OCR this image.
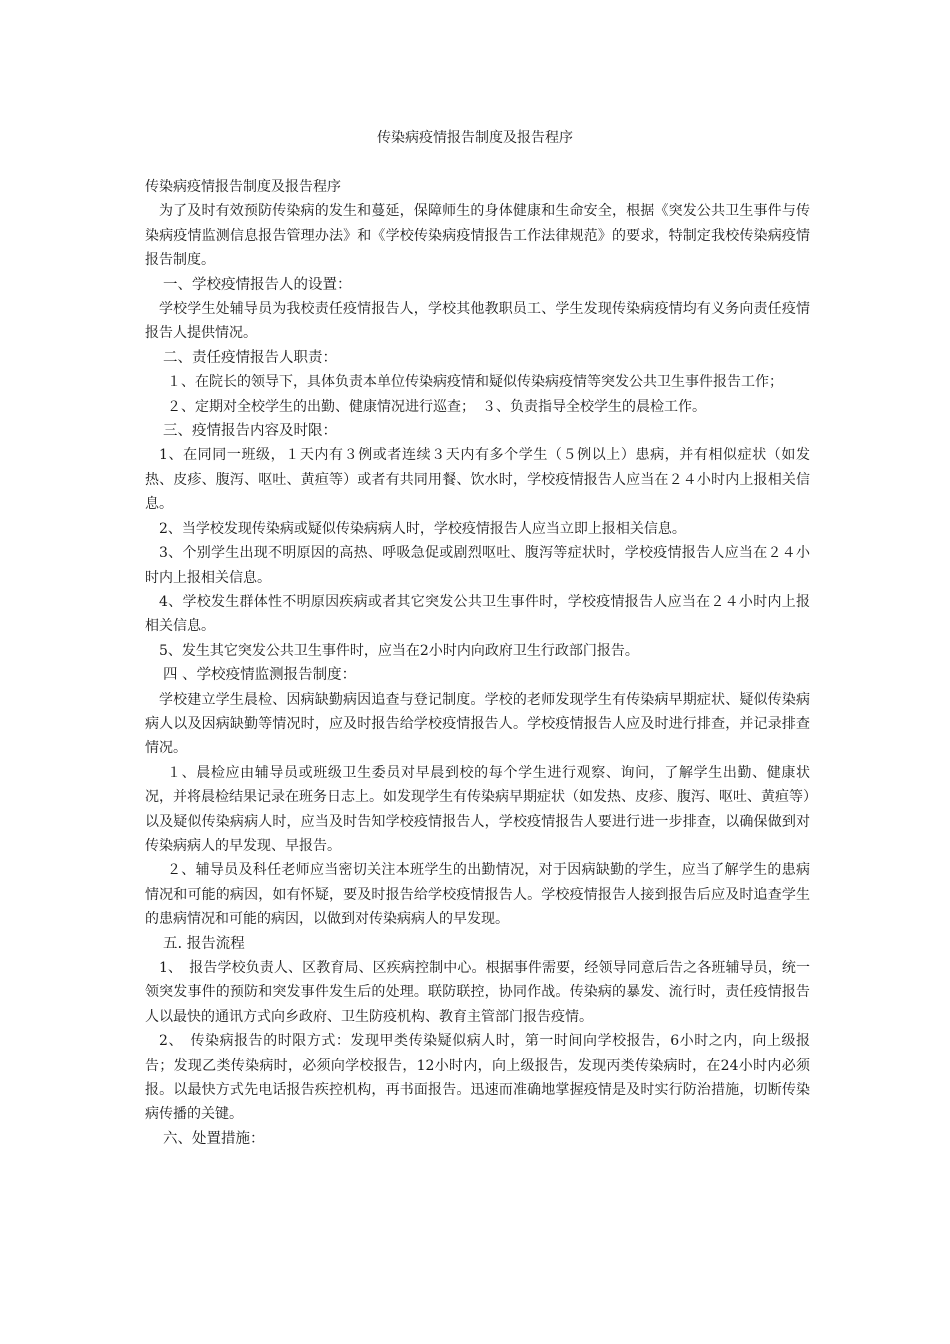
传染病疫情报告制度及报告程序

传染病疫情报告制度及报告程序

为了及时有效预防传染病的发生和蔓延，保障师生的身体健康和生命安全，根据《突发公共卫生事件与传染病疫情监测信息报告管理办法》和《学校传染病疫情报告工作法律规范》的要求，特制定我校传染病疫情报告制度。

一、学校疫情报告人的设置：

学校学生处辅导员为我校责任疫情报告人，学校其他教职员工、学生发现传染病疫情均有义务向责任疫情报告人提供情况。

二、责任疫情报告人职责：

１、在院长的领导下，具体负责本单位传染病疫情和疑似传染病疫情等突发公共卫生事件报告工作；

２、定期对全校学生的出勤、健康情况进行巡查；　３、负责指导全校学生的晨检工作。

三、疫情报告内容及时限：

1、在同同一班级，１天内有３例或者连续３天内有多个学生（５例以上）患病，并有相似症状（如发热、皮疹、腹泻、呕吐、黄疸等）或者有共同用餐、饮水时，学校疫情报告人应当在２４小时内上报相关信息。

2、当学校发现传染病或疑似传染病病人时，学校疫情报告人应当立即上报相关信息。

3、个别学生出现不明原因的高热、呼吸急促或剧烈呕吐、腹泻等症状时，学校疫情报告人应当在２４小时内上报相关信息。

4、学校发生群体性不明原因疾病或者其它突发公共卫生事件时，学校疫情报告人应当在２４小时内上报相关信息。

5、发生其它突发公共卫生事件时，应当在2小时内向政府卫生行政部门报告。

四 、学校疫情监测报告制度：

学校建立学生晨检、因病缺勤病因追查与登记制度。学校的老师发现学生有传染病早期症状、疑似传染病病人以及因病缺勤等情况时，应及时报告给学校疫情报告人。学校疫情报告人应及时进行排查，并记录排查情况。

１、晨检应由辅导员或班级卫生委员对早晨到校的每个学生进行观察、询问，了解学生出勤、健康状况，并将晨检结果记录在班务日志上。如发现学生有传染病早期症状（如发热、皮疹、腹泻、呕吐、黄疸等）以及疑似传染病病人时，应当及时告知学校疫情报告人，学校疫情报告人要进行进一步排查，以确保做到对传染病病人的早发现、早报告。

２、辅导员及科任老师应当密切关注本班学生的出勤情况，对于因病缺勤的学生，应当了解学生的患病情况和可能的病因，如有怀疑，要及时报告给学校疫情报告人。学校疫情报告人接到报告后应及时追查学生的患病情况和可能的病因，以做到对传染病病人的早发现。

五. 报告流程

1、　报告学校负责人、区教育局、区疾病控制中心。根据事件需要，经领导同意后告之各班辅导员，统一领突发事件的预防和突发事件发生后的处理。联防联控，协同作战。传染病的暴发、流行时，责任疫情报告人以最快的通讯方式向乡政府、卫生防疫机构、教育主管部门报告疫情。

2、　传染病报告的时限方式：发现甲类传染疑似病人时，第一时间向学校报告，6小时之内，向上级报告；发现乙类传染病时，必须向学校报告，12小时内，向上级报告，发现丙类传染病时，在24小时内必须报。以最快方式先电话报告疾控机构，再书面报告。迅速而准确地掌握疫情是及时实行防治措施，切断传染病传播的关键。

六、处置措施：
